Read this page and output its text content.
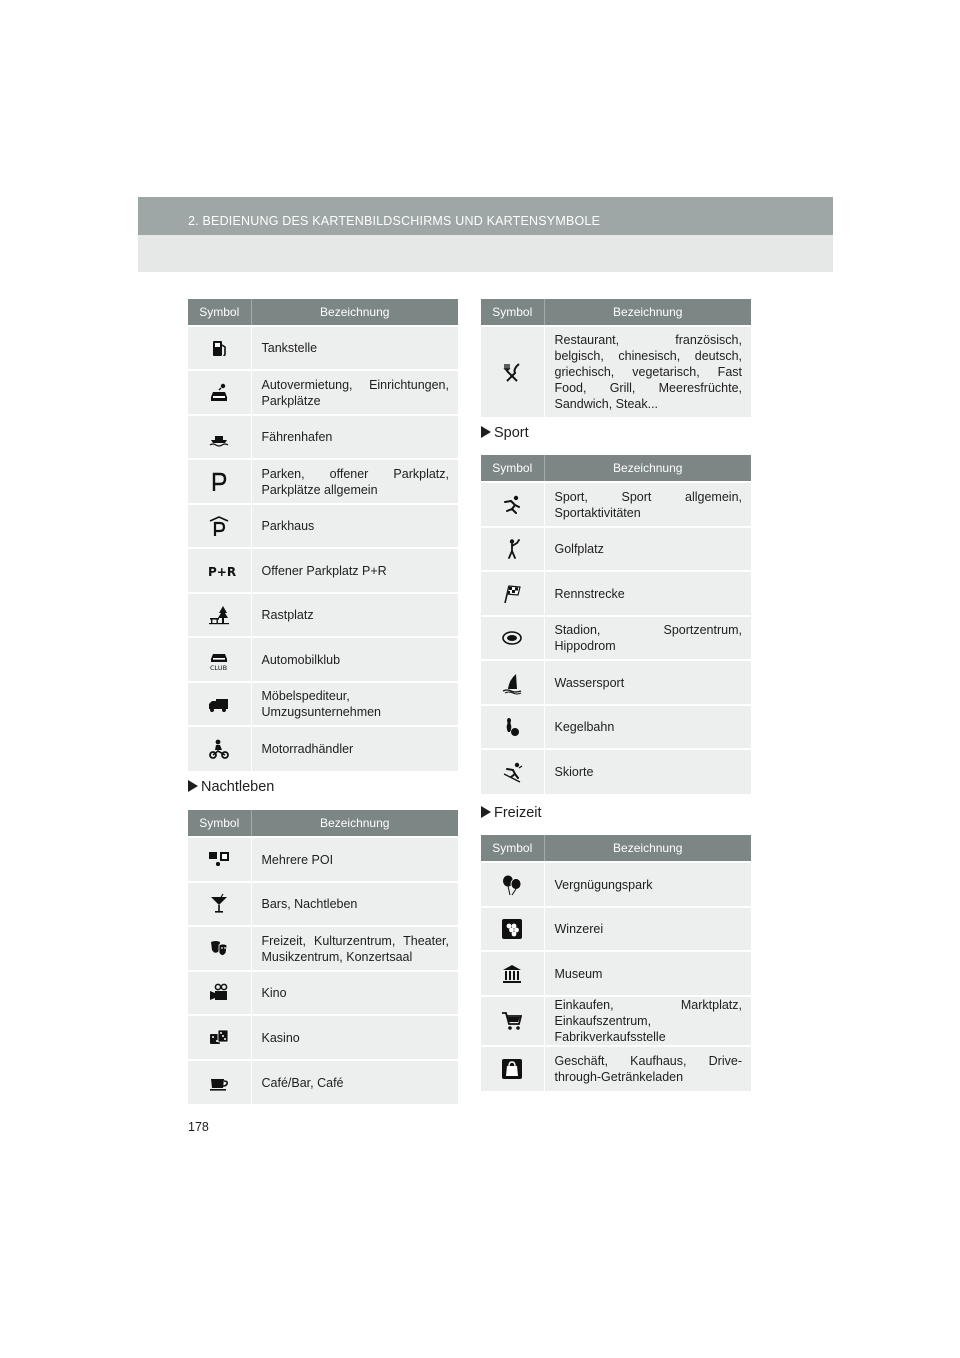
2. BEDIENUNG DES KARTENBILDSCHIRMS UND KARTENSYMBOLE
Symbol	Bezeichnung

	Tankstelle

	Autovermietung, Einrichtungen, Parkplätze

	Fährenhafen

	Parken, offener Parkplatz, Parkplätze allgemein

	Parkhaus

P+R	Offener Parkplatz P+R

	Rastplatz

CLUB	Automobilklub

	Möbelspediteur, Umzugsunternehmen

	Motorradhändler
Nachtleben
Symbol	Bezeichnung

	Mehrere POI

	Bars, Nachtleben

	Freizeit, Kulturzentrum, Theater, Musikzentrum, Konzertsaal

	Kino

	Kasino

	Café/Bar, Café
Symbol	Bezeichnung

	Restaurant, französisch, belgisch, chinesisch, deutsch, griechisch, vegetarisch, Fast Food, Grill, Meeresfrüchte, Sandwich, Steak...
Sport
Symbol	Bezeichnung

	Sport, Sport allgemein, Sportaktivitäten

	Golfplatz

	Rennstrecke

	Stadion, Sportzentrum, Hippodrom

	Wassersport

	Kegelbahn

	Skiorte
Freizeit
Symbol	Bezeichnung

	Vergnügungspark

	Winzerei

	Museum

	Einkaufen, Marktplatz, Einkaufszentrum, Fabrikverkaufsstelle

	Geschäft, Kaufhaus, Drive-through-Getränkeladen
178
